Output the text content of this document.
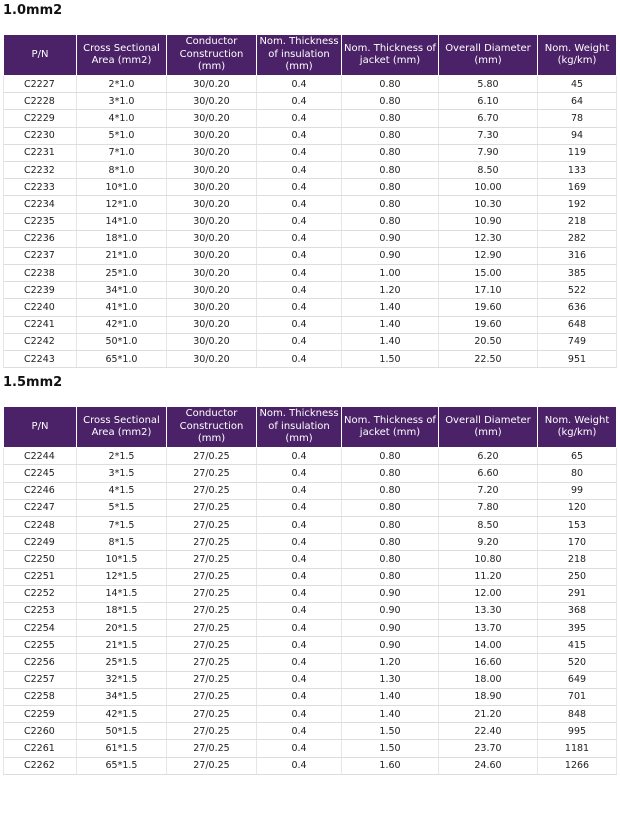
1.0mm2
P/N	Cross Sectional Area (mm2)	Conductor Construction (mm)	Nom. Thickness of insulation (mm)	Nom. Thickness of jacket (mm)	Overall Diameter (mm)	Nom. Weight (kg/km)
C2227	2*1.0	30/0.20	0.4	0.80	5.80	45
C2228	3*1.0	30/0.20	0.4	0.80	6.10	64
C2229	4*1.0	30/0.20	0.4	0.80	6.70	78
C2230	5*1.0	30/0.20	0.4	0.80	7.30	94
C2231	7*1.0	30/0.20	0.4	0.80	7.90	119
C2232	8*1.0	30/0.20	0.4	0.80	8.50	133
C2233	10*1.0	30/0.20	0.4	0.80	10.00	169
C2234	12*1.0	30/0.20	0.4	0.80	10.30	192
C2235	14*1.0	30/0.20	0.4	0.80	10.90	218
C2236	18*1.0	30/0.20	0.4	0.90	12.30	282
C2237	21*1.0	30/0.20	0.4	0.90	12.90	316
C2238	25*1.0	30/0.20	0.4	1.00	15.00	385
C2239	34*1.0	30/0.20	0.4	1.20	17.10	522
C2240	41*1.0	30/0.20	0.4	1.40	19.60	636
C2241	42*1.0	30/0.20	0.4	1.40	19.60	648
C2242	50*1.0	30/0.20	0.4	1.40	20.50	749
C2243	65*1.0	30/0.20	0.4	1.50	22.50	951
1.5mm2
P/N	Cross Sectional Area (mm2)	Conductor Construction (mm)	Nom. Thickness of insulation (mm)	Nom. Thickness of jacket (mm)	Overall Diameter (mm)	Nom. Weight (kg/km)
C2244	2*1.5	27/0.25	0.4	0.80	6.20	65
C2245	3*1.5	27/0.25	0.4	0.80	6.60	80
C2246	4*1.5	27/0.25	0.4	0.80	7.20	99
C2247	5*1.5	27/0.25	0.4	0.80	7.80	120
C2248	7*1.5	27/0.25	0.4	0.80	8.50	153
C2249	8*1.5	27/0.25	0.4	0.80	9.20	170
C2250	10*1.5	27/0.25	0.4	0.80	10.80	218
C2251	12*1.5	27/0.25	0.4	0.80	11.20	250
C2252	14*1.5	27/0.25	0.4	0.90	12.00	291
C2253	18*1.5	27/0.25	0.4	0.90	13.30	368
C2254	20*1.5	27/0.25	0.4	0.90	13.70	395
C2255	21*1.5	27/0.25	0.4	0.90	14.00	415
C2256	25*1.5	27/0.25	0.4	1.20	16.60	520
C2257	32*1.5	27/0.25	0.4	1.30	18.00	649
C2258	34*1.5	27/0.25	0.4	1.40	18.90	701
C2259	42*1.5	27/0.25	0.4	1.40	21.20	848
C2260	50*1.5	27/0.25	0.4	1.50	22.40	995
C2261	61*1.5	27/0.25	0.4	1.50	23.70	1181
C2262	65*1.5	27/0.25	0.4	1.60	24.60	1266
